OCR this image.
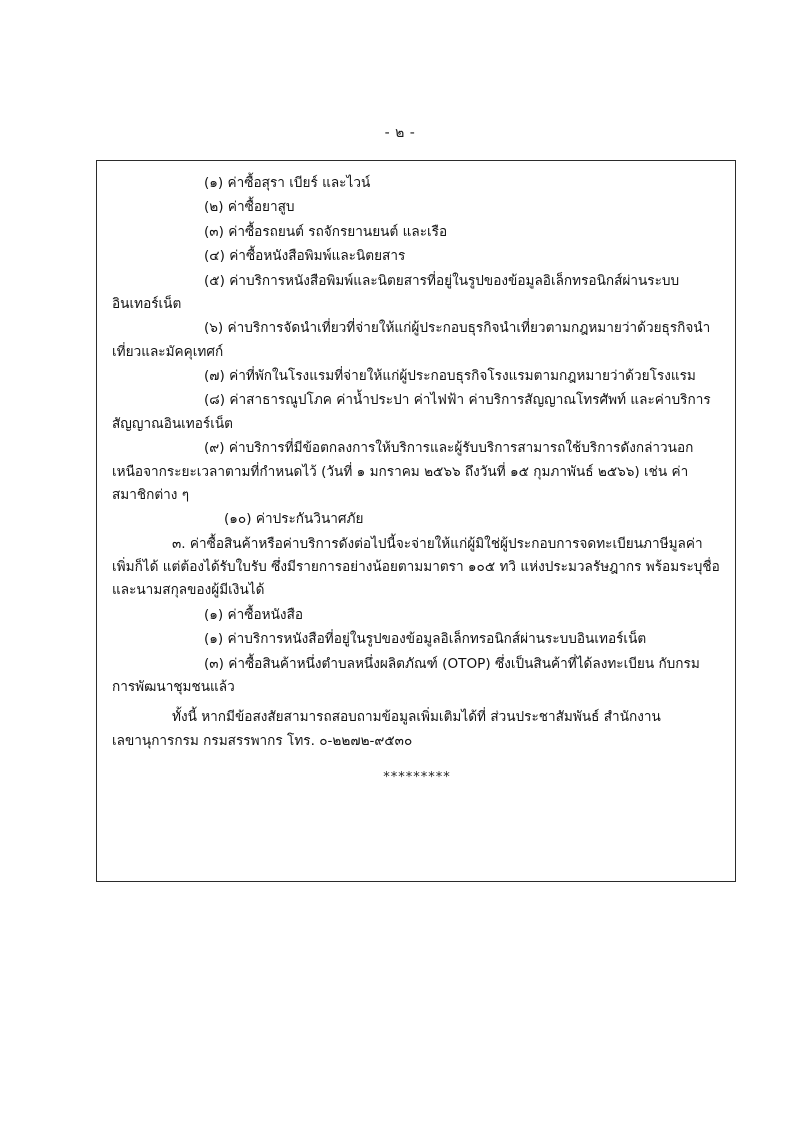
- ๒ -

(๑) ค่าซื้อสุรา เบียร์ และไวน์

(๒) ค่าซื้อยาสูบ

(๓) ค่าซื้อรถยนต์ รถจักรยานยนต์ และเรือ

(๔) ค่าซื้อหนังสือพิมพ์และนิตยสาร

(๕) ค่าบริการหนังสือพิมพ์และนิตยสารที่อยู่ในรูปของข้อมูลอิเล็กทรอนิกส์ผ่านระบบอินเทอร์เน็ต

(๖) ค่าบริการจัดนำเที่ยวที่จ่ายให้แก่ผู้ประกอบธุรกิจนำเที่ยวตามกฎหมายว่าด้วยธุรกิจนำเที่ยวและมัคคุเทศก์

(๗) ค่าที่พักในโรงแรมที่จ่ายให้แก่ผู้ประกอบธุรกิจโรงแรมตามกฎหมายว่าด้วยโรงแรม

(๘) ค่าสาธารณูปโภค ค่าน้ำประปา ค่าไฟฟ้า ค่าบริการสัญญาณโทรศัพท์ และค่าบริการสัญญาณอินเทอร์เน็ต

(๙) ค่าบริการที่มีข้อตกลงการให้บริการและผู้รับบริการสามารถใช้บริการดังกล่าวนอกเหนือจากระยะเวลาตามที่กำหนดไว้ (วันที่ ๑ มกราคม ๒๕๖๖ ถึงวันที่ ๑๕ กุมภาพันธ์ ๒๕๖๖) เช่น ค่าสมาชิกต่าง ๆ

(๑๐) ค่าประกันวินาศภัย

๓. ค่าซื้อสินค้าหรือค่าบริการดังต่อไปนี้จะจ่ายให้แก่ผู้มิใช่ผู้ประกอบการจดทะเบียนภาษีมูลค่าเพิ่มก็ได้ แต่ต้องได้รับใบรับ ซึ่งมีรายการอย่างน้อยตามมาตรา ๑๐๕ ทวิ แห่งประมวลรัษฎากร พร้อมระบุชื่อและนามสกุลของผู้มีเงินได้

(๑) ค่าซื้อหนังสือ

(๑) ค่าบริการหนังสือที่อยู่ในรูปของข้อมูลอิเล็กทรอนิกส์ผ่านระบบอินเทอร์เน็ต

(๓) ค่าซื้อสินค้าหนึ่งตำบลหนึ่งผลิตภัณฑ์ (OTOP) ซึ่งเป็นสินค้าที่ได้ลงทะเบียน กับกรมการพัฒนาชุมชนแล้ว

ทั้งนี้ หากมีข้อสงสัยสามารถสอบถามข้อมูลเพิ่มเติมได้ที่ ส่วนประชาสัมพันธ์ สำนักงานเลขานุการกรม กรมสรรพากร โทร. ๐-๒๒๗๒-๙๕๓๐

*********
